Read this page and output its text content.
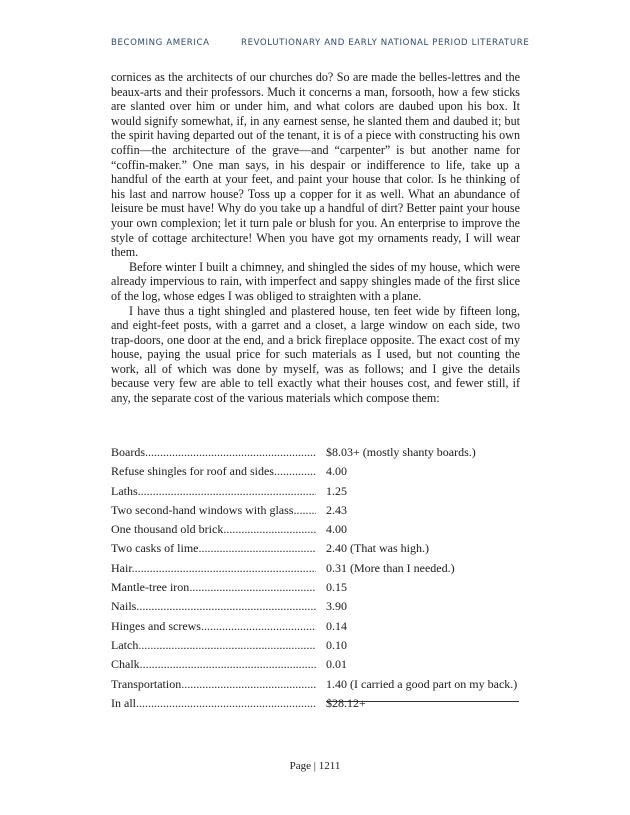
BECOMING AMERICA	REVOLUTIONARY AND EARLY NATIONAL PERIOD LITERATURE

cornices as the architects of our churches do? So are made the belles-lettres and the beaux-arts and their professors. Much it concerns a man, forsooth, how a few sticks are slanted over him or under him, and what colors are daubed upon his box. It would signify somewhat, if, in any earnest sense, he slanted them and daubed it; but the spirit having departed out of the tenant, it is of a piece with constructing his own coffin—the architecture of the grave—and “carpenter” is but another name for “coffin-maker.” One man says, in his despair or indifference to life, take up a handful of the earth at your feet, and paint your house that color. Is he thinking of his last and narrow house? Toss up a copper for it as well. What an abundance of leisure be must have! Why do you take up a handful of dirt? Better paint your house your own complexion; let it turn pale or blush for you. An enterprise to improve the style of cottage architecture! When you have got my ornaments ready, I will wear them.

Before winter I built a chimney, and shingled the sides of my house, which were already impervious to rain, with imperfect and sappy shingles made of the first slice of the log, whose edges I was obliged to straighten with a plane.

I have thus a tight shingled and plastered house, ten feet wide by fifteen long, and eight-feet posts, with a garret and a closet, a large window on each side, two trap-doors, one door at the end, and a brick fireplace opposite. The exact cost of my house, paying the usual price for such materials as I used, but not counting the work, all of which was done by myself, was as follows; and I give the details because very few are able to tell exactly what their houses cost, and fewer still, if any, the separate cost of the various materials which compose them:

Boards .....	$8.03+ (mostly shanty boards.)
Refuse shingles for roof and sides .....	4.00
Laths .....	1.25
Two second-hand windows with glass .....	2.43
One thousand old brick .....	4.00
Two casks of lime .....	2.40 (That was high.)
Hair .....	0.31 (More than I needed.)
Mantle-tree iron .....	0.15
Nails .....	3.90
Hinges and screws .....	0.14
Latch .....	0.10
Chalk .....	0.01
Transportation .....	1.40 (I carried a good part on my back.)
In all .....	$28.12+
Page | 1211
